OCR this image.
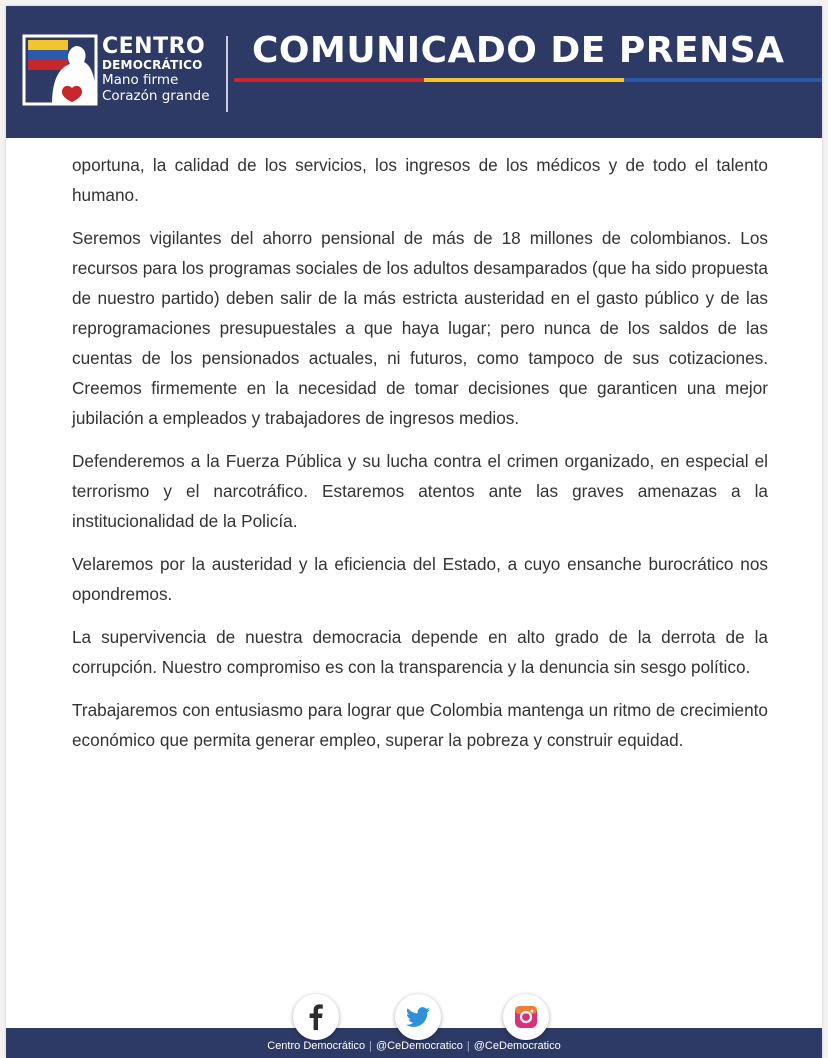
CENTRO
DEMOCRÁTICO
Mano firme
Corazón grande
COMUNICADO DE PRENSA

oportuna, la calidad de los servicios, los ingresos de los médicos y de todo el talento humano.

Seremos vigilantes del ahorro pensional de más de 18 millones de colombianos. Los recursos para los programas sociales de los adultos desamparados (que ha sido propuesta de nuestro partido) deben salir de la más estricta austeridad en el gasto público y de las reprogramaciones presupuestales a que haya lugar; pero nunca de los saldos de las cuentas de los pensionados actuales, ni futuros, como tampoco de sus cotizaciones. Creemos firmemente en la necesidad de tomar decisiones que garanticen una mejor jubilación a empleados y trabajadores de ingresos medios.

Defenderemos a la Fuerza Pública y su lucha contra el crimen organizado, en especial el terrorismo y el narcotráfico. Estaremos atentos ante las graves amenazas a la institucionalidad de la Policía.

Velaremos por la austeridad y la eficiencia del Estado, a cuyo ensanche burocrático nos opondremos.

La supervivencia de nuestra democracia depende en alto grado de la derrota de la corrupción. Nuestro compromiso es con la transparencia y la denuncia sin sesgo político.

Trabajaremos con entusiasmo para lograr que Colombia mantenga un ritmo de crecimiento económico que permita generar empleo, superar la pobreza y construir equidad.

Centro Democrático | @CeDemocratico | @CeDemocratico
